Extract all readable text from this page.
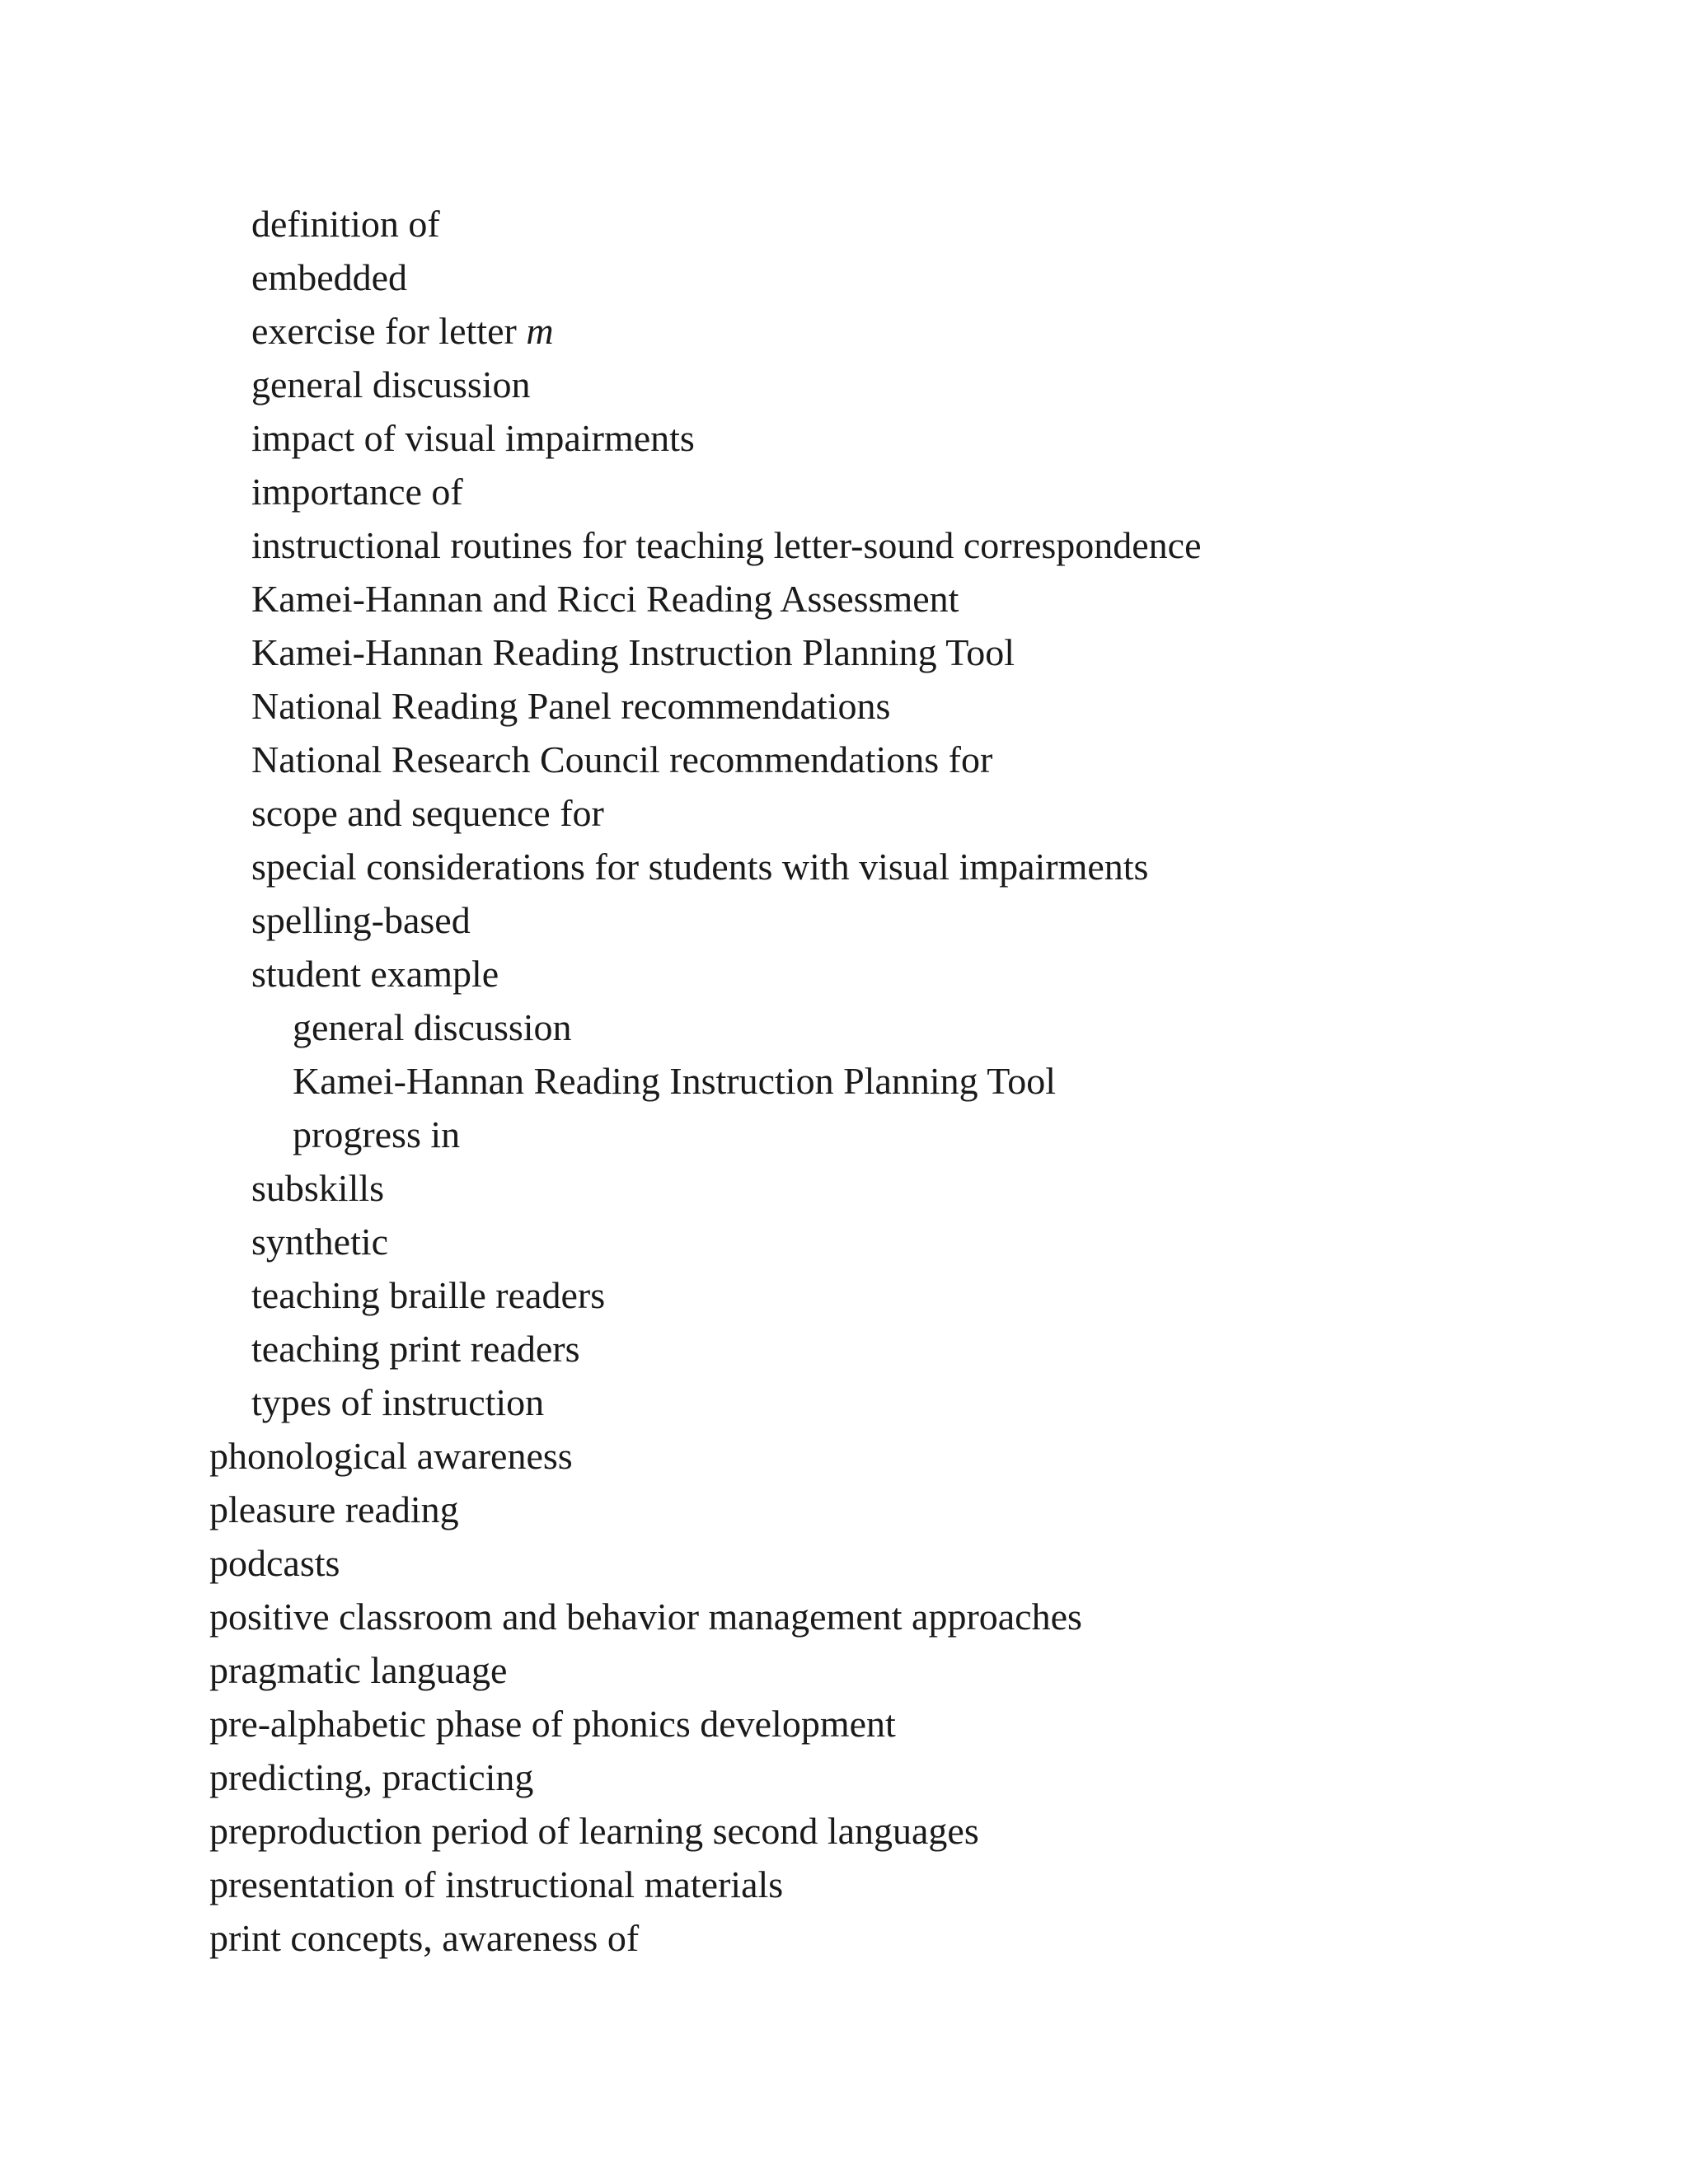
definition of
embedded
exercise for letter m
general discussion
impact of visual impairments
importance of
instructional routines for teaching letter-sound correspondence
Kamei-Hannan and Ricci Reading Assessment
Kamei-Hannan Reading Instruction Planning Tool
National Reading Panel recommendations
National Research Council recommendations for
scope and sequence for
special considerations for students with visual impairments
spelling-based
student example
general discussion
Kamei-Hannan Reading Instruction Planning Tool
progress in
subskills
synthetic
teaching braille readers
teaching print readers
types of instruction
phonological awareness
pleasure reading
podcasts
positive classroom and behavior management approaches
pragmatic language
pre-alphabetic phase of phonics development
predicting, practicing
preproduction period of learning second languages
presentation of instructional materials
print concepts, awareness of
